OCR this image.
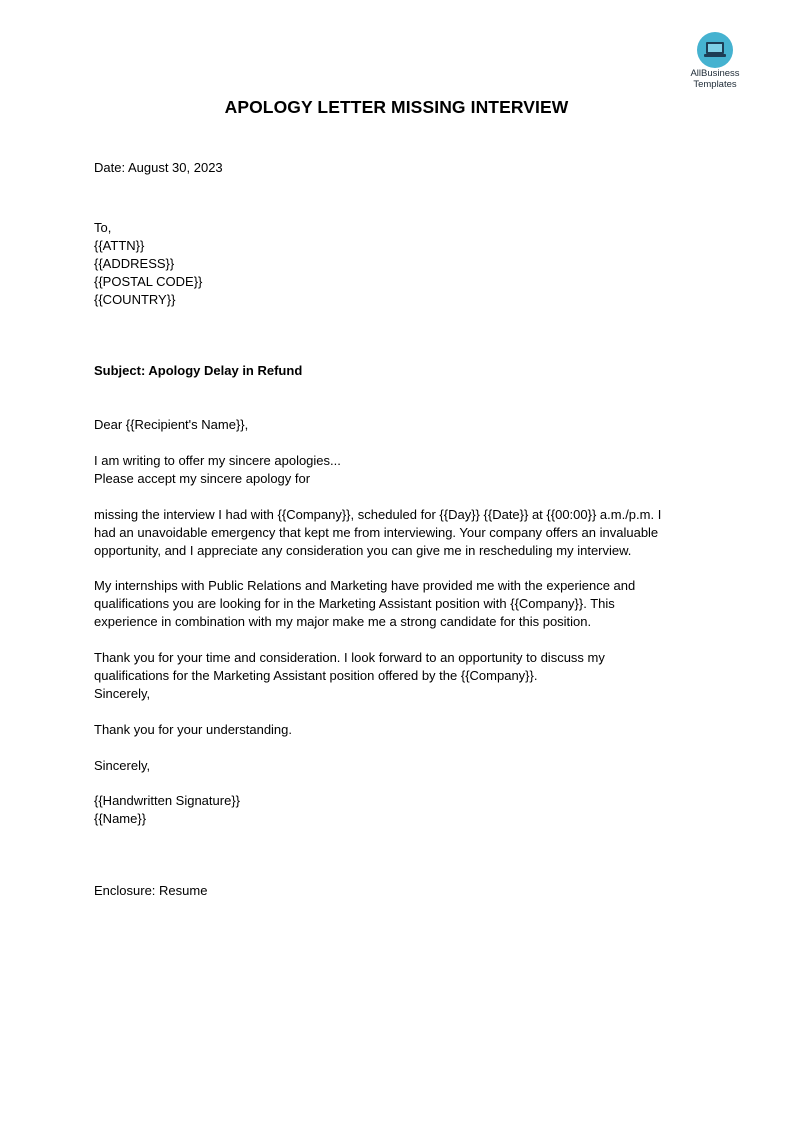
AllBusiness
Templates
APOLOGY LETTER MISSING INTERVIEW
Date: August 30, 2023
To,
{{ATTN}}
{{ADDRESS}}
{{POSTAL CODE}}
{{COUNTRY}}
Subject: Apology Delay in Refund
Dear {{Recipient's Name}},
I am writing to offer my sincere apologies...
Please accept my sincere apology for
missing the interview I had with {{Company}}, scheduled for {{Day}} {{Date}} at {{00:00}} a.m./p.m. I
had an unavoidable emergency that kept me from interviewing. Your company offers an invaluable
opportunity, and I appreciate any consideration you can give me in rescheduling my interview.
My internships with Public Relations and Marketing have provided me with the experience and
qualifications you are looking for in the Marketing Assistant position with {{Company}}. This
experience in combination with my major make me a strong candidate for this position.
Thank you for your time and consideration. I look forward to an opportunity to discuss my
qualifications for the Marketing Assistant position offered by the {{Company}}.
Sincerely,
Thank you for your understanding.
Sincerely,
{{Handwritten Signature}}
{{Name}}
Enclosure: Resume
